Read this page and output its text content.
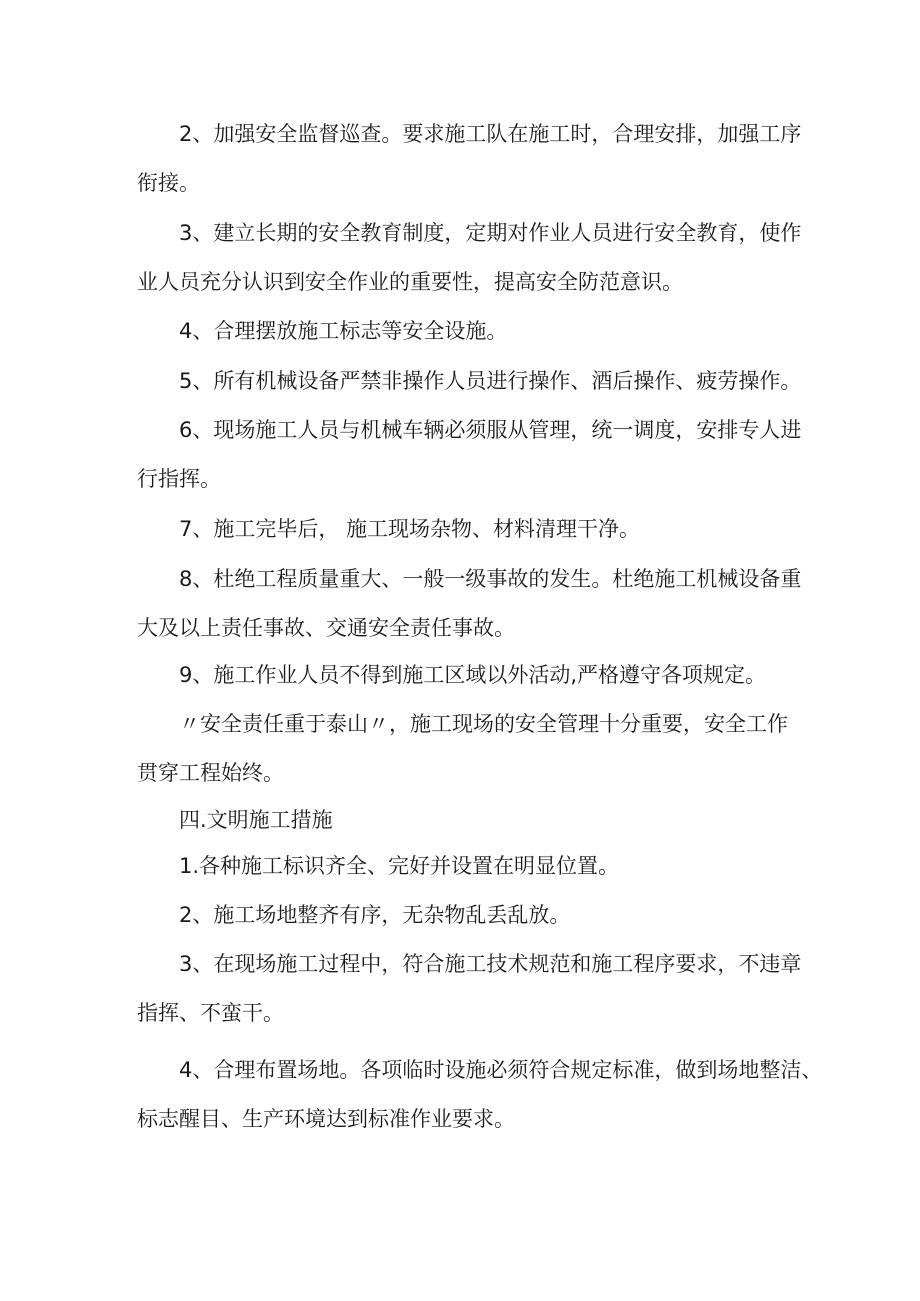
2、加强安全监督巡查。要求施工队在施工时，合理安排，加强工序
衔接。
3、建立长期的安全教育制度，定期对作业人员进行安全教育，使作
业人员充分认识到安全作业的重要性，提高安全防范意识。
4、合理摆放施工标志等安全设施。
5、所有机械设备严禁非操作人员进行操作、酒后操作、疲劳操作。
6、现场施工人员与机械车辆必须服从管理，统一调度，安排专人进
行指挥。
7、施工完毕后， 施工现场杂物、材料清理干净。
8、杜绝工程质量重大、一般一级事故的发生。杜绝施工机械设备重
大及以上责任事故、交通安全责任事故。
9、施工作业人员不得到施工区域以外活动,严格遵守各项规定。
〃安全责任重于泰山〃，施工现场的安全管理十分重要，安全工作
贯穿工程始终。
四.文明施工措施
1.各种施工标识齐全、完好并设置在明显位置。
2、施工场地整齐有序，无杂物乱丢乱放。
3、在现场施工过程中，符合施工技术规范和施工程序要求，不违章
指挥、不蛮干。
4、合理布置场地。各项临时设施必须符合规定标准，做到场地整洁、
标志醒目、生产环境达到标准作业要求。
